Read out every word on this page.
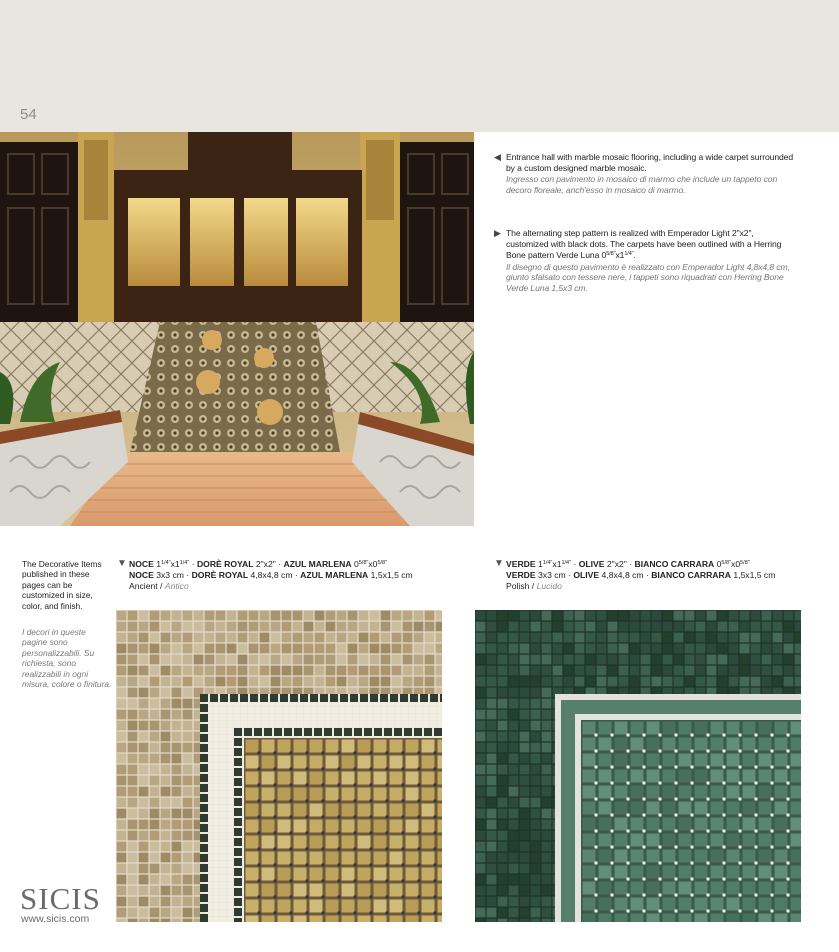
54
◀ Entrance hall with marble mosaic flooring, including a wide carpet surrounded by a custom designed marble mosaic.
Ingresso con pavimento in mosaico di marmo che include un tappeto con decoro floreale, anch'esso in mosaico di marmo.
▶ The alternating step pattern is realized with Emperador Light 2"x2", customized with black dots. The carpets have been outlined with a Herring Bone pattern Verde Luna $0^{5/8"}x1^{1/4"}$.
Il disegno di questo pavimento è realizzato con Emperador Light 4,8x4,8 cm, giunto sfalsato con tessere nere, i tappeti sono riquadrati con Herring Bone Verde Luna 1,5x3 cm.
The Decorative Items published in these pages can be customized in size, color, and finish.
I decori in queste pagine sono personalizzabili. Su richiesta, sono realizzabili in ogni misura, colore o finitura.
▼ NOCE $1^{1/4"}x1^{1/4"}$ · DORÈ ROYAL 2"x2" · AZUL MARLENA $0^{5/8"}x0^{5/8"}$
NOCE 3x3 cm · DORÈ ROYAL 4,8x4,8 cm · AZUL MARLENA 1,5x1,5 cm
Ancient / Antico
▼ VERDE $1^{1/4"}x1^{1/4"}$ · OLIVE 2"x2" · BIANCO CARRARA $0^{5/8"}x0^{5/8"}$
VERDE 3x3 cm · OLIVE 4,8x4,8 cm · BIANCO CARRARA 1,5x1,5 cm
Polish / Lucido
SICIS
www.sicis.com
